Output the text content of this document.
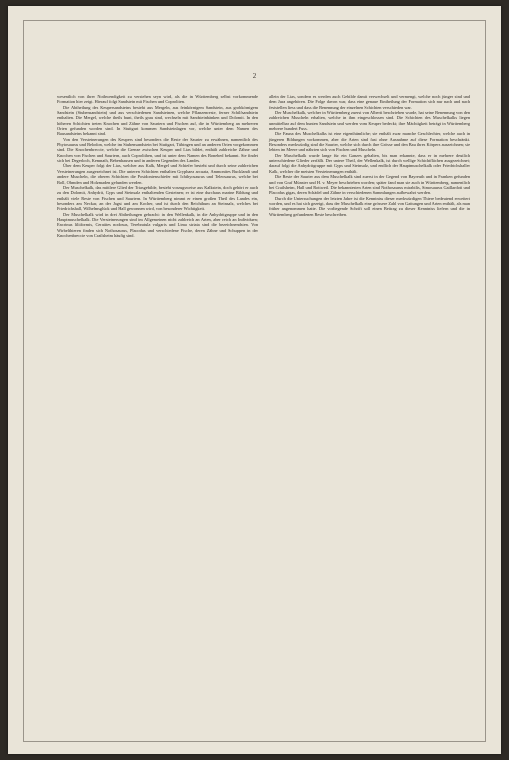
2

wesentlich von ihrer Nothwendigkeit zu verstehen seyn wird, als die in Württemberg selbst vorkommende Formation hier zeigt. Hierauf folgt Sandstein mit Fischen und Coproliten.

Die Abtheilung des Keupersandsteins besteht aus Mergeln, aus feinkörnigem Sandstein, aus grobkörnigem Sandstein (Stubensandstein) und aus verschiedenen Sandsteinen, welche Pflanzenreste, ferner Schilfsandstein enthalten. Die Mergel, welche theils bunt, theils grau sind, wechseln mit Sandsteinbänken und Dolomit. In den höheren Schichten treten Knochen und Zähne von Sauriern und Fischen auf, die in Württemberg an mehreren Orten gefunden worden sind. In Stuttgart kommen Sandsteinlagen vor, welche unter dem Namen des Bausandsteins bekannt sind.

Von den Versteinerungen des Keupers sind besonders die Reste der Saurier zu erwähnen, namentlich des Phytosaurus und Belodon, welche im Stubensandstein bei Stuttgart, Tübingen und an anderen Orten vorgekommen sind. Die Knochenbreccie, welche die Grenze zwischen Keuper und Lias bildet, enthält zahlreiche Zähne und Knochen von Fischen und Sauriern, auch Coprolithen, und ist unter dem Namen des Bonebed bekannt. Sie findet sich bei Degerloch, Kemnath, Bebenhausen und in anderen Gegenden des Landes.

Über dem Keuper folgt der Lias, welcher aus Kalk, Mergel und Schiefer besteht und durch seine zahlreichen Versteinerungen ausgezeichnet ist. Die unteren Schichten enthalten Gryphaea arcuata, Ammonites Bucklandi und andere Muscheln, die oberen Schichten die Posidonienschiefer mit Ichthyosaurus und Teleosaurus, welche bei Boll, Ohmden und Holzmaden gefunden werden.

Der Muschelkalk, das mittlere Glied der Triasgebilde, besteht vorzugsweise aus Kalkstein, doch gehört er auch zu den Dolomit, Anhydrit, Gyps und Steinsalz enthaltenden Gesteinen; er ist eine durchaus marine Bildung und enthält viele Reste von Fischen und Sauriern. In Württemberg nimmt er einen großen Theil des Landes ein, besonders am Neckar, an der Jagst und am Kocher, und ist durch den Reichthum an Steinsalz, welches bei Friedrichshall, Wilhelmsglück und Hall gewonnen wird, von besonderer Wichtigkeit.

Der Muschelkalk wird in drei Abtheilungen gebracht: in den Wellenkalk, in die Anhydritgruppe und in den Hauptmuschelkalk. Die Versteinerungen sind im Allgemeinen nicht zahlreich an Arten, aber reich an Individuen; Encrinus liliiformis, Ceratites nodosus, Terebratula vulgaris und Lima striata sind die bezeichnendsten. Von Wirbelthieren finden sich Nothosaurus, Placodus und verschiedene Fische, deren Zähne und Schuppen in der Knochenbreccie von Crailsheim häufig sind.

allein der Lias, sondern es werden auch Gebilde damit verwechselt und vermengt, welche noch jünger sind und dem Jura angehören. Die Folge davon war, dass eine genaue Eintheilung der Formation sich nur nach und nach feststellen liess und dass die Benennung der einzelnen Schichten verschieden war.

Der Muschelkalk, welcher in Württemberg zuerst von Alberti beschrieben wurde, hat seine Benennung von den zahlreichen Muscheln erhalten, welche in ihm eingeschlossen sind. Die Schichten des Muschelkalks liegen unmittelbar auf dem bunten Sandstein und werden vom Keuper bedeckt; ihre Mächtigkeit beträgt in Württemberg mehrere hundert Fuss.

Die Fauna des Muschelkalks ist eine eigenthümliche; sie enthält zwar manche Geschlechter, welche auch in jüngeren Bildungen vorkommen, aber die Arten sind fast ohne Ausnahme auf diese Formation beschränkt. Besonders merkwürdig sind die Saurier, welche sich durch ihre Grösse und den Bau ihres Körpers auszeichnen; sie lebten im Meere und nährten sich von Fischen und Muscheln.

Der Muschelkalk wurde lange für ein Ganzes gehalten, bis man erkannte, dass er in mehrere deutlich unterschiedene Glieder zerfällt. Der untere Theil, der Wellenkalk, ist durch wellige Schichtflächen ausgezeichnet; darauf folgt die Anhydritgruppe mit Gyps und Steinsalz, und endlich der Hauptmuschelkalk oder Friedrichshaller Kalk, welcher die meisten Versteinerungen enthält.

Die Reste der Saurier aus dem Muschelkalk sind zuerst in der Gegend von Bayreuth und in Franken gefunden und von Graf Münster und H. v. Meyer beschrieben worden; später fand man sie auch in Württemberg, namentlich bei Crailsheim, Hall und Rottweil. Die bekanntesten Arten sind Nothosaurus mirabilis, Simosaurus Gaillardoti und Placodus gigas, deren Schädel und Zähne in verschiedenen Sammlungen aufbewahrt werden.

Durch die Untersuchungen der letzten Jahre ist die Kenntniss dieser merkwürdigen Thiere bedeutend erweitert worden, und es hat sich gezeigt, dass der Muschelkalk eine grössere Zahl von Gattungen und Arten enthält, als man früher angenommen hatte. Die vorliegende Schrift soll einen Beitrag zu dieser Kenntniss liefern und die in Württemberg gefundenen Reste beschreiben.
